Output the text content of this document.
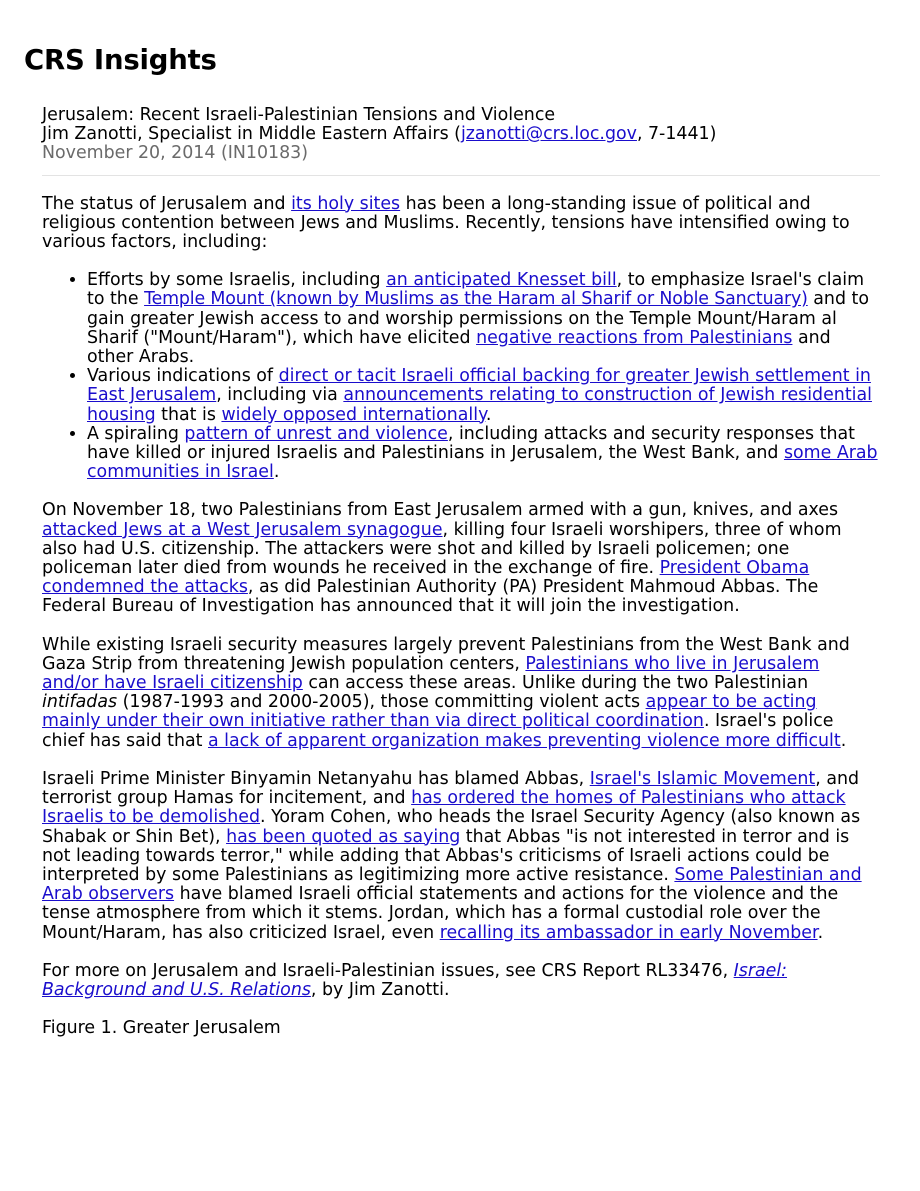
CRS Insights
Jerusalem: Recent Israeli-Palestinian Tensions and Violence
Jim Zanotti, Specialist in Middle Eastern Affairs (jzanotti@crs.loc.gov, 7-1441)
November 20, 2014 (IN10183)

The status of Jerusalem and its holy sites has been a long-standing issue of political and religious contention between Jews and Muslims. Recently, tensions have intensified owing to various factors, including:

• Efforts by some Israelis, including an anticipated Knesset bill, to emphasize Israel's claim to the Temple Mount (known by Muslims as the Haram al Sharif or Noble Sanctuary) and to gain greater Jewish access to and worship permissions on the Temple Mount/Haram al Sharif ("Mount/Haram"), which have elicited negative reactions from Palestinians and other Arabs.
• Various indications of direct or tacit Israeli official backing for greater Jewish settlement in East Jerusalem, including via announcements relating to construction of Jewish residential housing that is widely opposed internationally.
• A spiraling pattern of unrest and violence, including attacks and security responses that have killed or injured Israelis and Palestinians in Jerusalem, the West Bank, and some Arab communities in Israel.

On November 18, two Palestinians from East Jerusalem armed with a gun, knives, and axes attacked Jews at a West Jerusalem synagogue, killing four Israeli worshipers, three of whom also had U.S. citizenship. The attackers were shot and killed by Israeli policemen; one policeman later died from wounds he received in the exchange of fire. President Obama condemned the attacks, as did Palestinian Authority (PA) President Mahmoud Abbas. The Federal Bureau of Investigation has announced that it will join the investigation.

While existing Israeli security measures largely prevent Palestinians from the West Bank and Gaza Strip from threatening Jewish population centers, Palestinians who live in Jerusalem and/or have Israeli citizenship can access these areas. Unlike during the two Palestinian intifadas (1987-1993 and 2000-2005), those committing violent acts appear to be acting mainly under their own initiative rather than via direct political coordination. Israel's police chief has said that a lack of apparent organization makes preventing violence more difficult.

Israeli Prime Minister Binyamin Netanyahu has blamed Abbas, Israel's Islamic Movement, and terrorist group Hamas for incitement, and has ordered the homes of Palestinians who attack Israelis to be demolished. Yoram Cohen, who heads the Israel Security Agency (also known as Shabak or Shin Bet), has been quoted as saying that Abbas "is not interested in terror and is not leading towards terror," while adding that Abbas's criticisms of Israeli actions could be interpreted by some Palestinians as legitimizing more active resistance. Some Palestinian and Arab observers have blamed Israeli official statements and actions for the violence and the tense atmosphere from which it stems. Jordan, which has a formal custodial role over the Mount/Haram, has also criticized Israel, even recalling its ambassador in early November.

For more on Jerusalem and Israeli-Palestinian issues, see CRS Report RL33476, Israel: Background and U.S. Relations, by Jim Zanotti.

Figure 1. Greater Jerusalem
